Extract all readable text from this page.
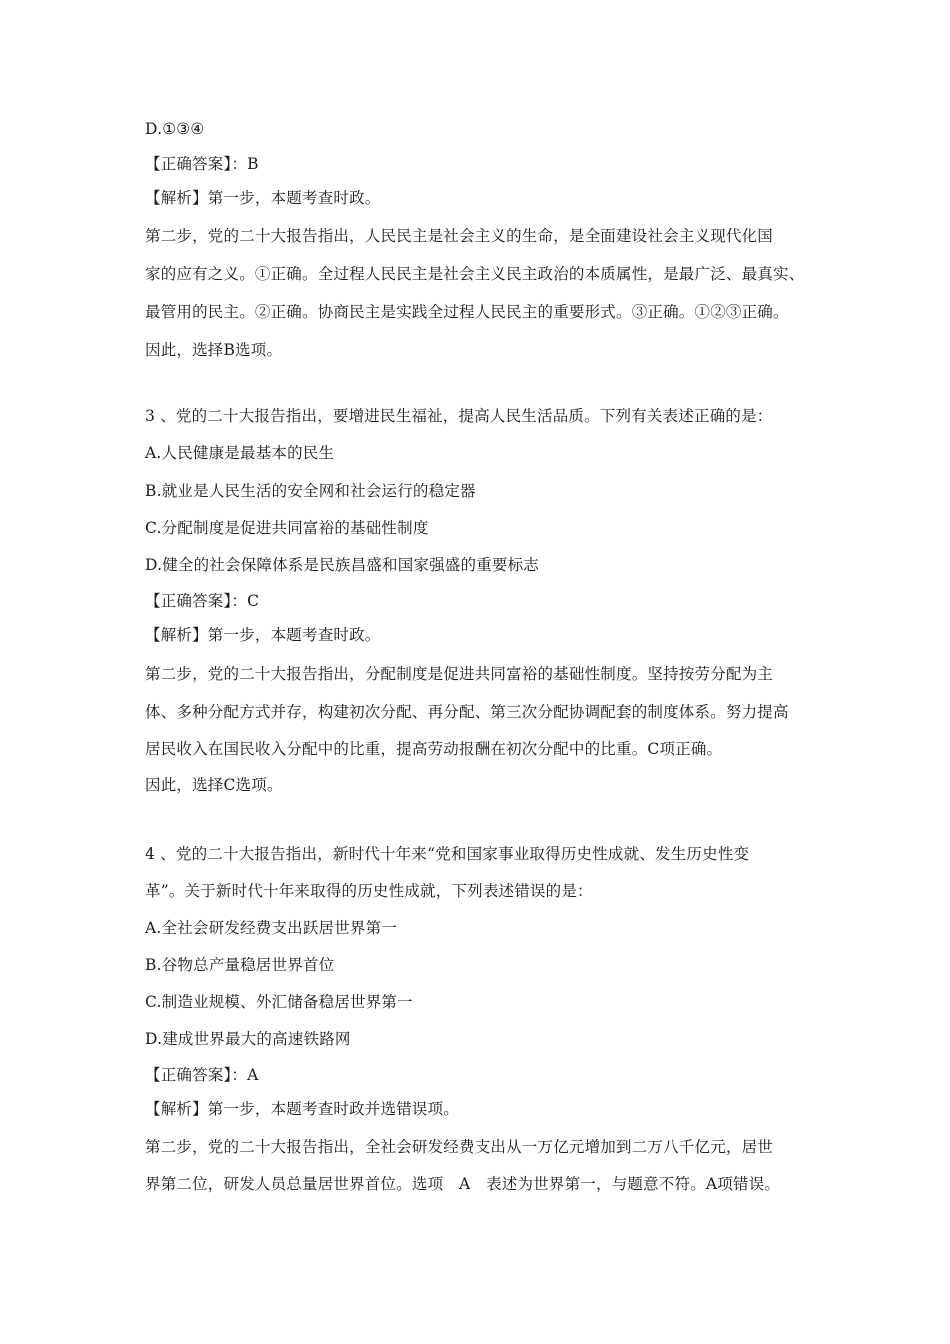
D.①③④
【正确答案】：B
【解析】第一步，本题考查时政。
第二步，党的二十大报告指出，人民民主是社会主义的生命，是全面建设社会主义现代化国
家的应有之义。①正确。全过程人民民主是社会主义民主政治的本质属性，是最广泛、最真实、
最管用的民主。②正确。协商民主是实践全过程人民民主的重要形式。③正确。①②③正确。
因此，选择B选项。
3 、党的二十大报告指出，要增进民生福祉，提高人民生活品质。下列有关表述正确的是：
A.人民健康是最基本的民生
B.就业是人民生活的安全网和社会运行的稳定器
C.分配制度是促进共同富裕的基础性制度
D.健全的社会保障体系是民族昌盛和国家强盛的重要标志
【正确答案】：C
【解析】第一步，本题考查时政。
第二步，党的二十大报告指出，分配制度是促进共同富裕的基础性制度。坚持按劳分配为主
体、多种分配方式并存，构建初次分配、再分配、第三次分配协调配套的制度体系。努力提高
居民收入在国民收入分配中的比重，提高劳动报酬在初次分配中的比重。C项正确。
因此，选择C选项。
4 、党的二十大报告指出，新时代十年来“党和国家事业取得历史性成就、发生历史性变
革”。关于新时代十年来取得的历史性成就，下列表述错误的是：
A.全社会研发经费支出跃居世界第一
B.谷物总产量稳居世界首位
C.制造业规模、外汇储备稳居世界第一
D.建成世界最大的高速铁路网
【正确答案】：A
【解析】第一步，本题考查时政并选错误项。
第二步，党的二十大报告指出，全社会研发经费支出从一万亿元增加到二万八千亿元，居世
界第二位，研发人员总量居世界首位。选项　A　表述为世界第一，与题意不符。A项错误。
